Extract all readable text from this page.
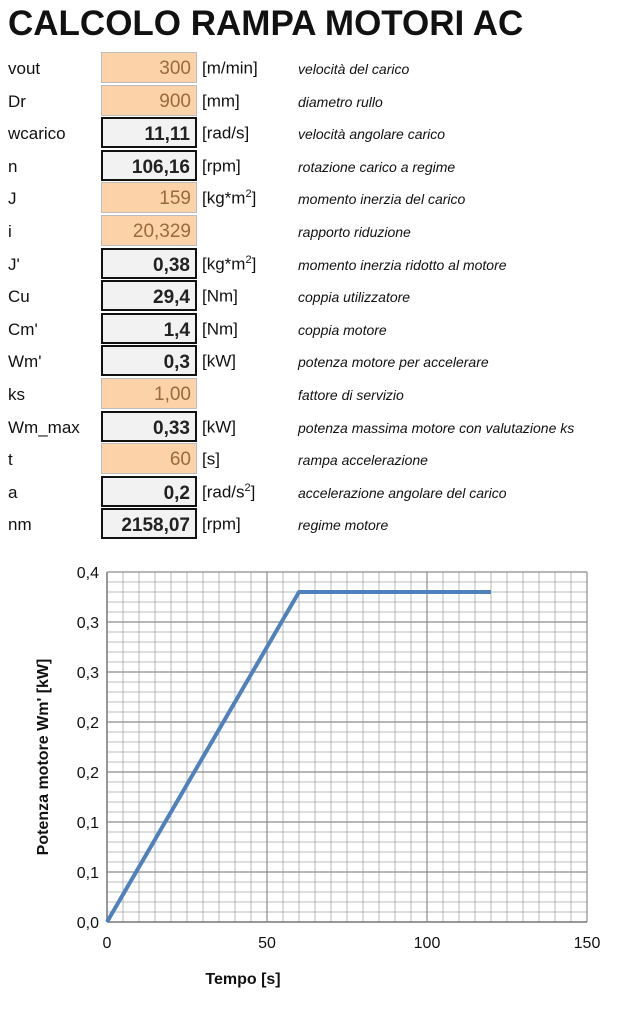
CALCOLO RAMPA MOTORI AC
vout	300 [m/min]	velocità del carico
Dr	900 [mm]	diametro rullo
wcarico	11,11 [rad/s]	velocità angolare carico
n	106,16 [rpm]	rotazione carico a regime
J	159 $[kg*m^2]$	momento inerzia del carico
i	20,329	rapporto riduzione
J'	0,38 $[kg*m^2]$	momento inerzia ridotto al motore
Cu	29,4 [Nm]	coppia utilizzatore
Cm'	1,4 [Nm]	coppia motore
Wm'	0,3 [kW]	potenza motore per accelerare
ks	1,00	fattore di servizio
Wm_max	0,33 [kW]	potenza massima motore con valutazione ks
t	60 [s]	rampa accelerazione
a	0,2 $[rad/s^2]$	accelerazione angolare del carico
nm	2158,07 [rpm]	regime motore
0,0
0,1
0,1
0,2
0,2
0,3
0,3
0,4
0	50	100	150
Tempo [s]
Potenza motore Wm' [kW]
